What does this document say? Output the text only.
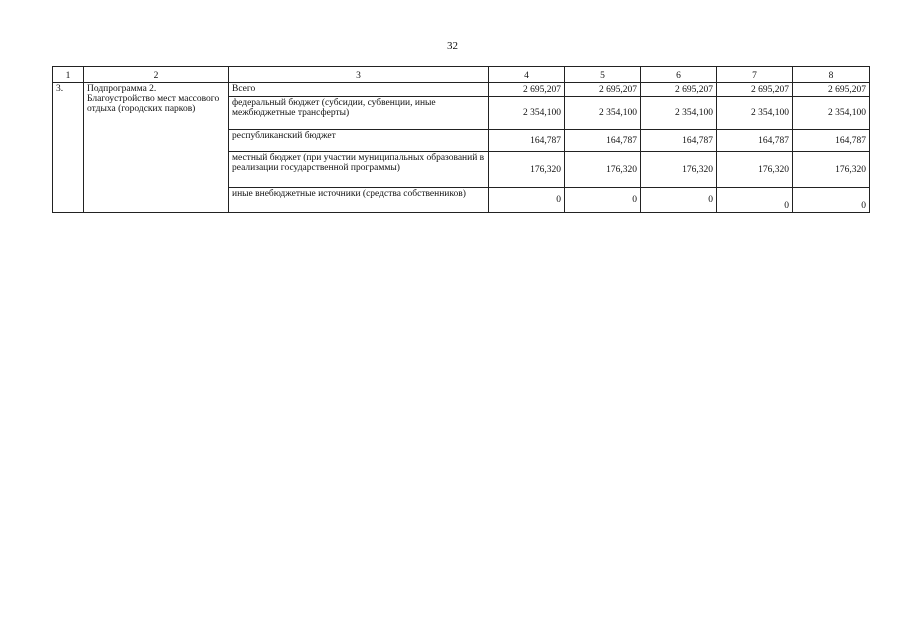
32
1	2	3	4	5	6	7	8
3.	Подпрограмма 2. Благоустройство мест массового отдыха (городских парков)	Всего	2 695,207	2 695,207	2 695,207	2 695,207	2 695,207
		федеральный бюджет (субсидии, субвенции, иные межбюджетные трансферты)	2 354,100	2 354,100	2 354,100	2 354,100	2 354,100
		республиканский бюджет	164,787	164,787	164,787	164,787	164,787
		местный бюджет (при участии муниципальных образований в реализации государственной программы)	176,320	176,320	176,320	176,320	176,320
		иные внебюджетные источники (средства собственников)	0	0	0	0	0
